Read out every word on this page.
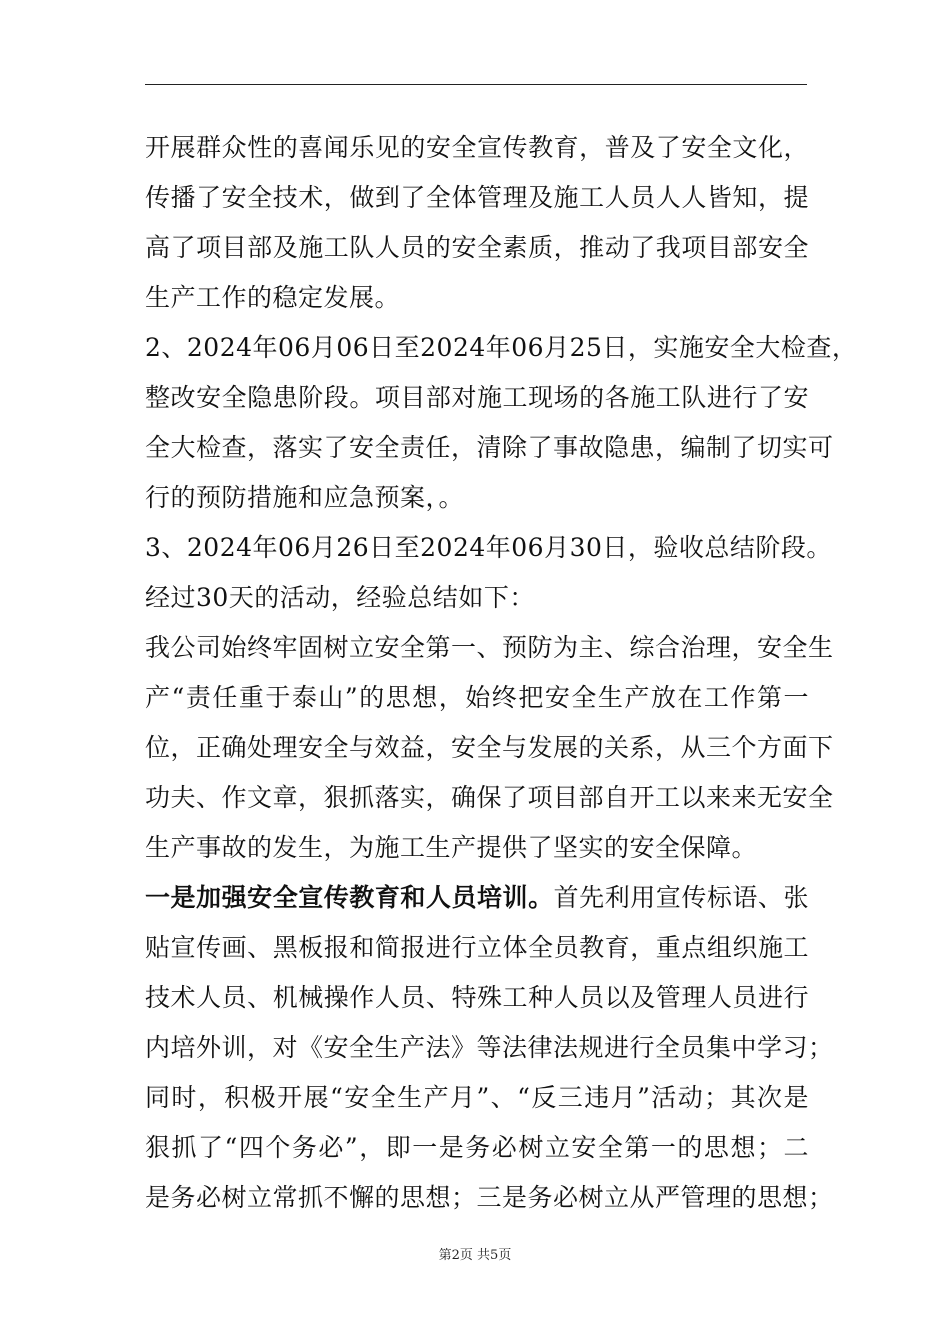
开展群众性的喜闻乐见的安全宣传教育，普及了安全文化，
传播了安全技术，做到了全体管理及施工人员人人皆知，提
高了项目部及施工队人员的安全素质，推动了我项目部安全
生产工作的稳定发展。
2、2024年06月06日至2024年06月25日，实施安全大检查，
整改安全隐患阶段。项目部对施工现场的各施工队进行了安
全大检查，落实了安全责任，清除了事故隐患，编制了切实可
行的预防措施和应急预案，。
3、2024年06月26日至2024年06月30日，验收总结阶段。
经过30天的活动，经验总结如下：
我公司始终牢固树立安全第一、预防为主、综合治理，安全生
产“责任重于泰山”的思想，始终把安全生产放在工作第一
位，正确处理安全与效益，安全与发展的关系，从三个方面下
功夫、作文章，狠抓落实，确保了项目部自开工以来来无安全
生产事故的发生，为施工生产提供了坚实的安全保障。
一是加强安全宣传教育和人员培训。首先利用宣传标语、张
贴宣传画、黑板报和简报进行立体全员教育，重点组织施工
技术人员、机械操作人员、特殊工种人员以及管理人员进行
内培外训，对《安全生产法》等法律法规进行全员集中学习；
同时，积极开展“安全生产月”、“反三违月”活动；其次是
狠抓了“四个务必”，即一是务必树立安全第一的思想；二
是务必树立常抓不懈的思想；三是务必树立从严管理的思想；
第2页 共5页
